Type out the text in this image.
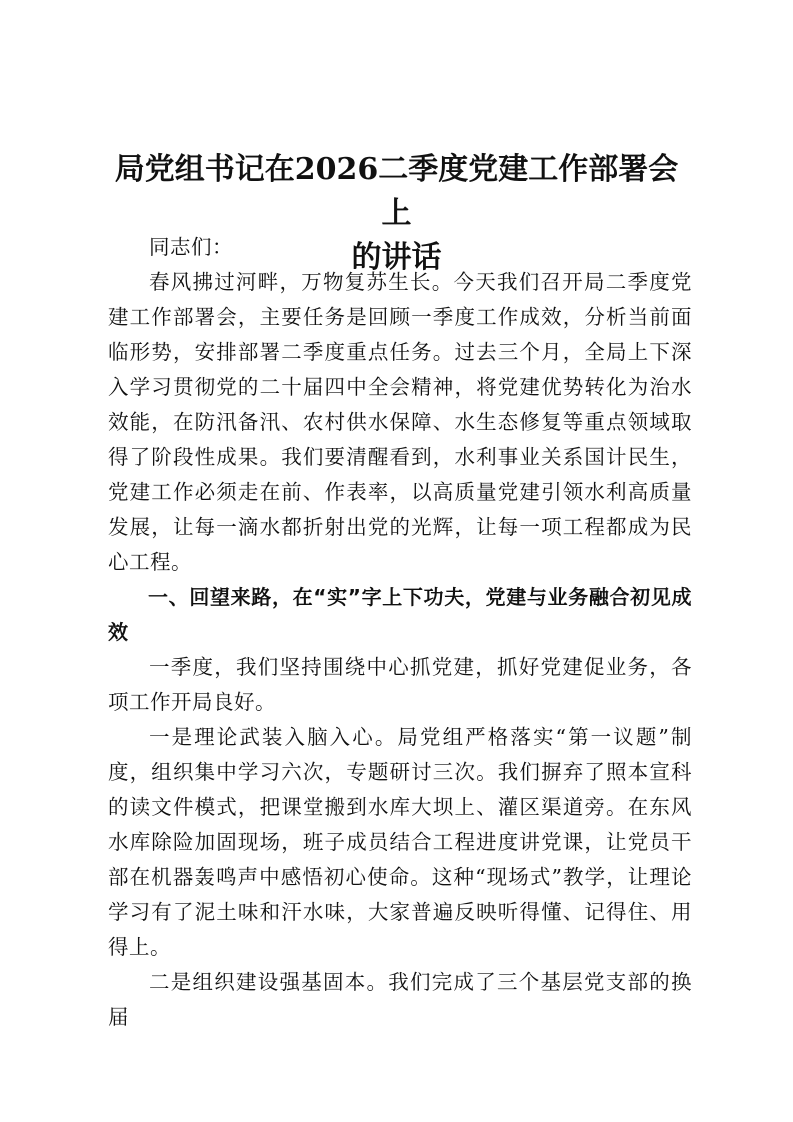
局党组书记在2026二季度党建工作部署会上
的讲话

同志们：

春风拂过河畔，万物复苏生长。今天我们召开局二季度党建工作部署会，主要任务是回顾一季度工作成效，分析当前面临形势，安排部署二季度重点任务。过去三个月，全局上下深入学习贯彻党的二十届四中全会精神，将党建优势转化为治水效能，在防汛备汛、农村供水保障、水生态修复等重点领域取得了阶段性成果。我们要清醒看到，水利事业关系国计民生，党建工作必须走在前、作表率，以高质量党建引领水利高质量发展，让每一滴水都折射出党的光辉，让每一项工程都成为民心工程。

一、回望来路，在“实”字上下功夫，党建与业务融合初见成效

一季度，我们坚持围绕中心抓党建，抓好党建促业务，各项工作开局良好。

一是理论武装入脑入心。局党组严格落实“第一议题”制度，组织集中学习六次，专题研讨三次。我们摒弃了照本宣科的读文件模式，把课堂搬到水库大坝上、灌区渠道旁。在东风水库除险加固现场，班子成员结合工程进度讲党课，让党员干部在机器轰鸣声中感悟初心使命。这种“现场式”教学，让理论学习有了泥土味和汗水味，大家普遍反映听得懂、记得住、用得上。

二是组织建设强基固本。我们完成了三个基层党支部的换届
